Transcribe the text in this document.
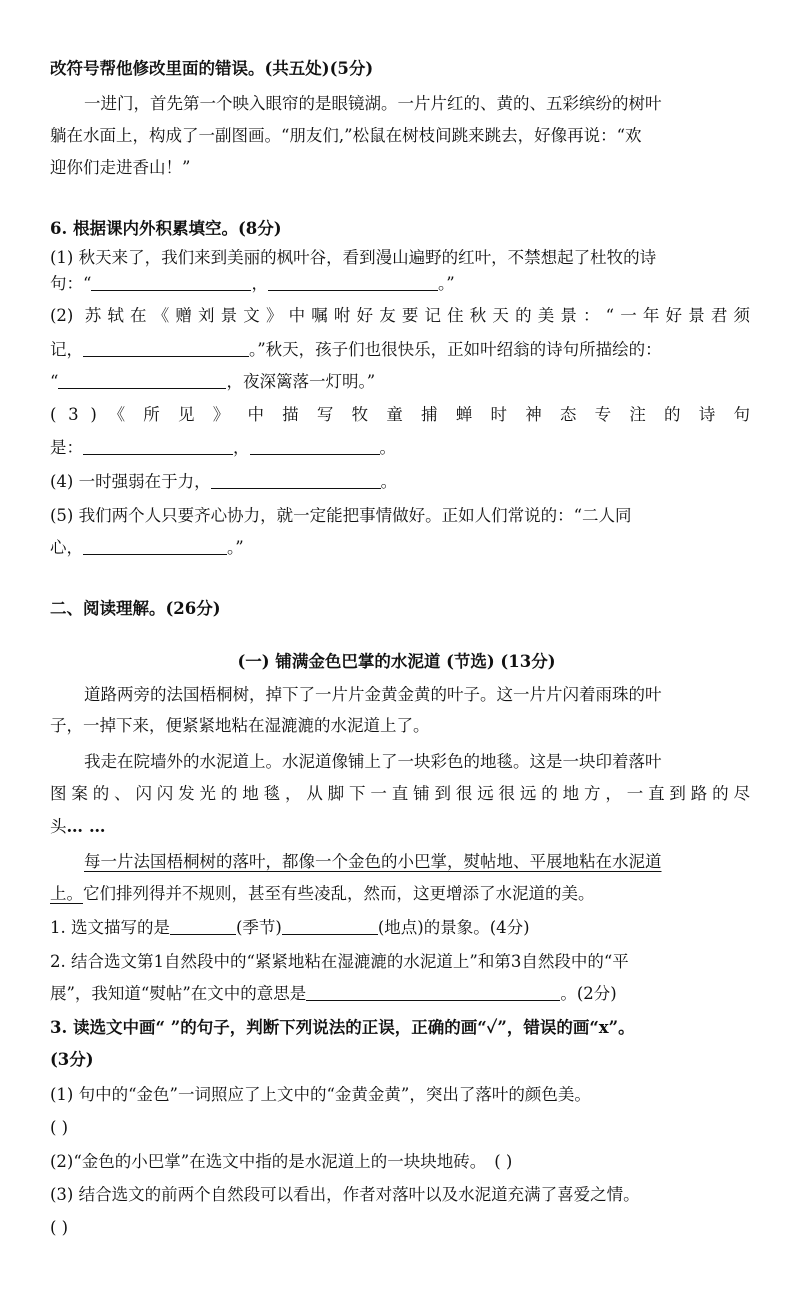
改符号帮他修改里面的错误。(共五处)(5分)
一进门，首先第一个映入眼帘的是眼镜湖。一片片红的、黄的、五彩缤纷的树叶
躺在水面上，构成了一副图画。“朋友们,”松鼠在树枝间跳来跳去，好像再说：“欢
迎你们走进香山！”
6. 根据课内外积累填空。(8分)
(1) 秋天来了，我们来到美丽的枫叶谷，看到漫山遍野的红叶，不禁想起了杜牧的诗
句：“	，	。”
(2) 苏轼在《赠刘景文》中嘱咐好友要记住秋天的美景：“一年好景君须
记，	。”秋天，孩子们也很快乐，正如叶绍翁的诗句所描绘的：
“	，夜深篱落一灯明。”
( 3 ) 《 所 见 》 中 描 写 牧 童 捕 蝉 时 神 态 专 注 的 诗 句
是：	，	。
(4) 一时强弱在于力，	。
(5) 我们两个人只要齐心协力，就一定能把事情做好。正如人们常说的：“二人同
心，	。”
二、阅读理解。(26分)
(一) 铺满金色巴掌的水泥道 (节选) (13分)
道路两旁的法国梧桐树，掉下了一片片金黄金黄的叶子。这一片片闪着雨珠的叶
子，一掉下来，便紧紧地粘在湿漉漉的水泥道上了。
我走在院墙外的水泥道上。水泥道像铺上了一块彩色的地毯。这是一块印着落叶
图案的、闪闪发光的地毯，从脚下一直铺到很远很远的地方，一直到路的尽
头……
每一片法国梧桐树的落叶，都像一个金色的小巴掌，熨帖地、平展地粘在水泥道
上。它们排列得并不规则，甚至有些凌乱，然而，这更增添了水泥道的美。
1. 选文描写的是	(季节)	(地点)的景象。(4分)
2. 结合选文第1自然段中的“紧紧地粘在湿漉漉的水泥道上”和第3自然段中的“平
展”，我知道“熨帖”在文中的意思是	。(2分)
3. 读选文中画“ ”的句子，判断下列说法的正误，正确的画“✓”，错误的画“x”。
(3分)
(1) 句中的“金色”一词照应了上文中的“金黄金黄”，突出了落叶的颜色美。
( )
(2)“金色的小巴掌”在选文中指的是水泥道上的一块块地砖。 ( )
(3) 结合选文的前两个自然段可以看出，作者对落叶以及水泥道充满了喜爱之情。
( )
